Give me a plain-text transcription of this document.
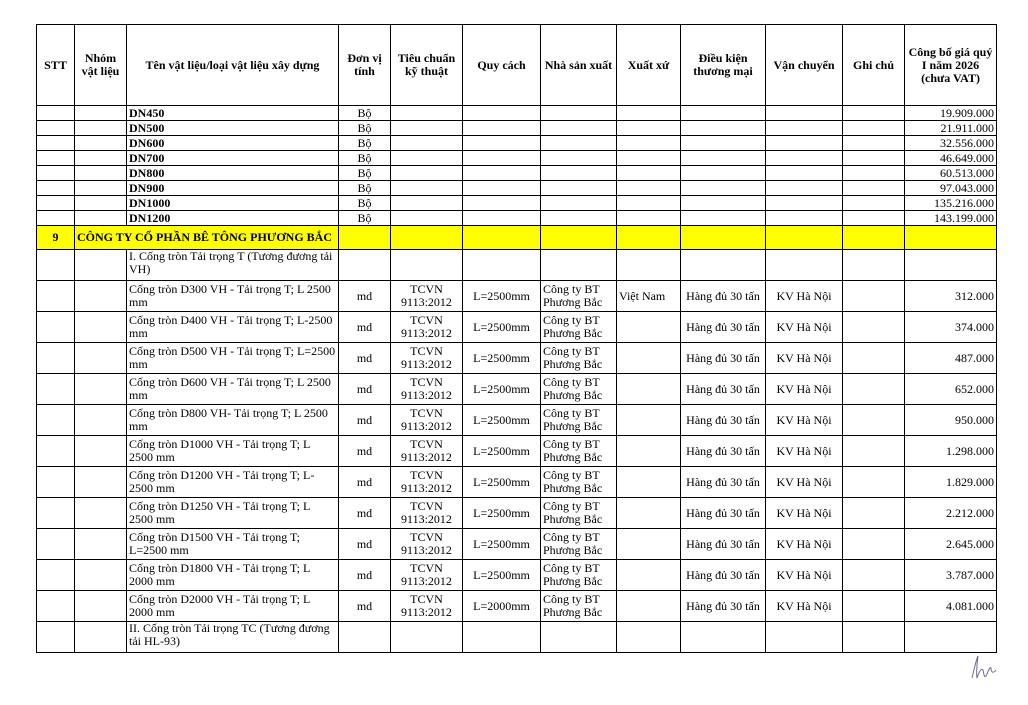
STT	Nhóm vật liệu	Tên vật liệu/loại vật liệu xây dựng	Đơn vị tính	Tiêu chuẩn kỹ thuật	Quy cách	Nhà sản xuất	Xuất xứ	Điều kiện thương mại	Vận chuyển	Ghi chú	Công bố giá quý I năm 2026 (chưa VAT)
		DN450	Bộ								19.909.000
		DN500	Bộ								21.911.000
		DN600	Bộ								32.556.000
		DN700	Bộ								46.649.000
		DN800	Bộ								60.513.000
		DN900	Bộ								97.043.000
		DN1000	Bộ								135.216.000
		DN1200	Bộ								143.199.000
9	CÔNG TY CỔ PHẦN BÊ TÔNG PHƯƠNG BẮC										
		I. Cống tròn Tải trọng T (Tương đương tải VH)									
		Cống tròn D300 VH - Tải trọng T; L 2500 mm	md	TCVN 9113:2012	L=2500mm	Công ty BT Phương Bắc	Việt Nam	Hàng đủ 30 tấn	KV Hà Nội		312.000
		Cống tròn D400 VH - Tải trọng T; L-2500 mm	md	TCVN 9113:2012	L=2500mm	Công ty BT Phương Bắc		Hàng đủ 30 tấn	KV Hà Nội		374.000
		Cống tròn D500 VH - Tải trọng T; L=2500 mm	md	TCVN 9113:2012	L=2500mm	Công ty BT Phương Bắc		Hàng đủ 30 tấn	KV Hà Nội		487.000
		Cống tròn D600 VH - Tải trọng T; L 2500 mm	md	TCVN 9113:2012	L=2500mm	Công ty BT Phương Bắc		Hàng đủ 30 tấn	KV Hà Nội		652.000
		Cống tròn D800 VH- Tải trọng T; L 2500 mm	md	TCVN 9113:2012	L=2500mm	Công ty BT Phương Bắc		Hàng đủ 30 tấn	KV Hà Nội		950.000
		Cống tròn D1000 VH - Tải trọng T; L 2500 mm	md	TCVN 9113:2012	L=2500mm	Công ty BT Phương Bắc		Hàng đủ 30 tấn	KV Hà Nội		1.298.000
		Cống tròn D1200 VH - Tải trọng T; L-2500 mm	md	TCVN 9113:2012	L=2500mm	Công ty BT Phương Bắc		Hàng đủ 30 tấn	KV Hà Nội		1.829.000
		Cống tròn D1250 VH - Tải trọng T; L 2500 mm	md	TCVN 9113:2012	L=2500mm	Công ty BT Phương Bắc		Hàng đủ 30 tấn	KV Hà Nội		2.212.000
		Cống tròn D1500 VH - Tải trọng T; L=2500 mm	md	TCVN 9113:2012	L=2500mm	Công ty BT Phương Bắc		Hàng đủ 30 tấn	KV Hà Nội		2.645.000
		Cống tròn D1800 VH - Tải trọng T; L 2000 mm	md	TCVN 9113:2012	L=2500mm	Công ty BT Phương Bắc		Hàng đủ 30 tấn	KV Hà Nội		3.787.000
		Cống tròn D2000 VH - Tải trọng T; L 2000 mm	md	TCVN 9113:2012	L=2000mm	Công ty BT Phương Bắc		Hàng đủ 30 tấn	KV Hà Nội		4.081.000
		II. Cống tròn Tải trọng TC (Tương đương tải HL-93)									
